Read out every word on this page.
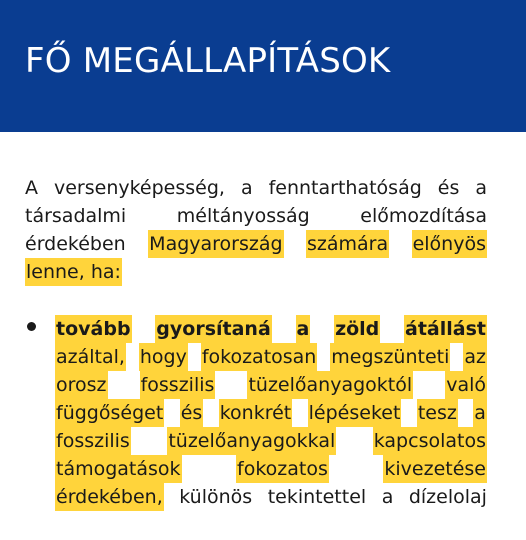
FŐ MEGÁLLAPÍTÁSOK
A versenyképesség, a fenntarthatóság és a
társadalmi	méltányosság	előmozdítása
érdekében Magyarország számára előnyös
lenne, ha:
tovább gyorsítaná a zöld átállást
azáltal, hogy fokozatosan megszünteti az
orosz fosszilis tüzelőanyagoktól való
függőséget és konkrét lépéseket tesz a
fosszilis tüzelőanyagokkal kapcsolatos
támogatások	fokozatos	kivezetése
érdekében, különös tekintettel a dízelolaj
